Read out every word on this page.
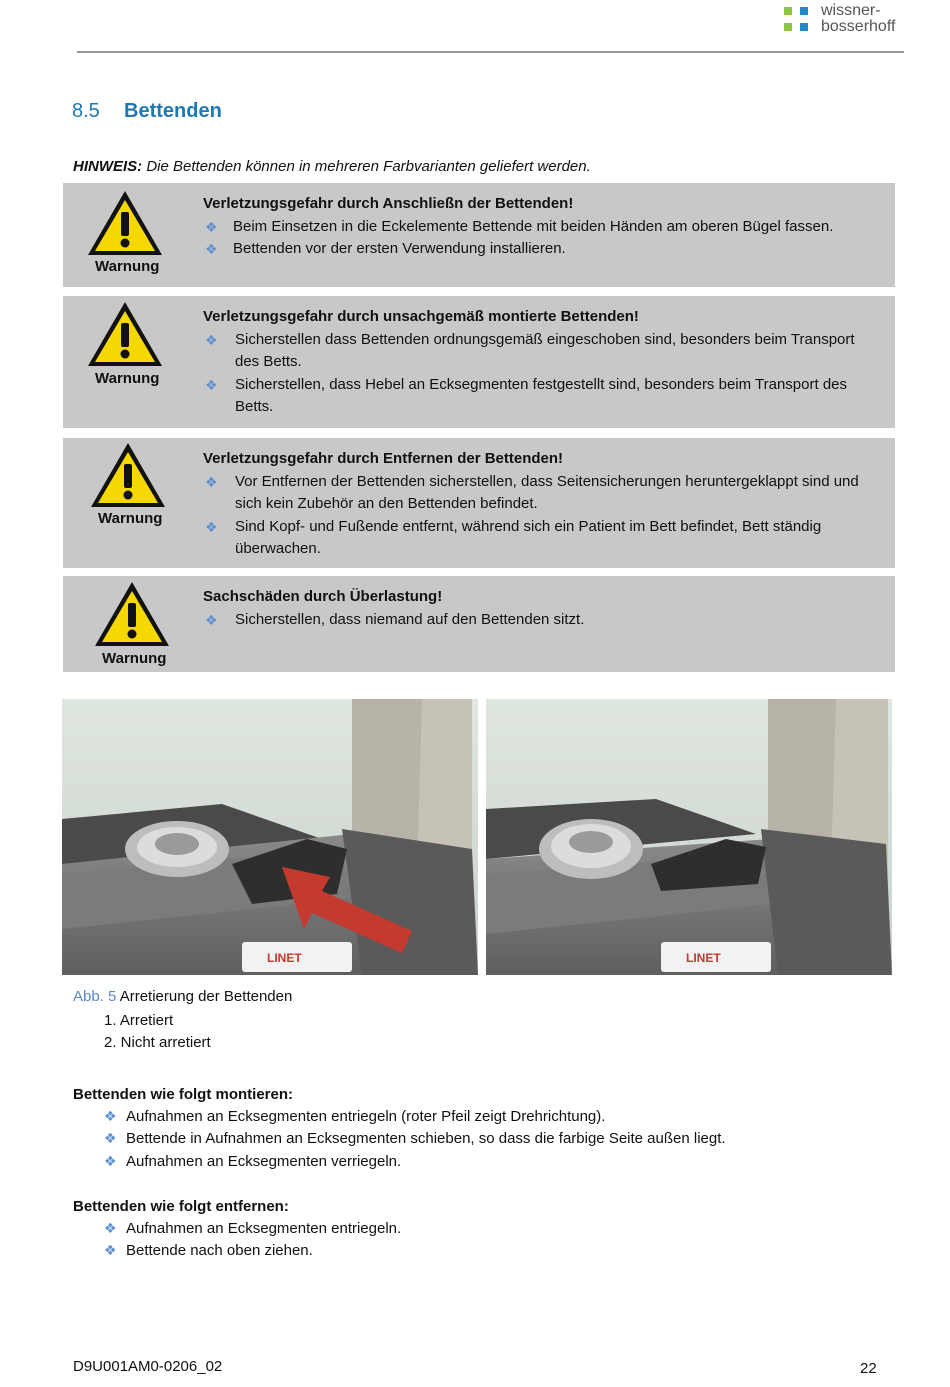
wissner-
bosserhoff
8.5 Bettenden
HINWEIS: Die Bettenden können in mehreren Farbvarianten geliefert werden.
Warnung
Verletzungsgefahr durch Anschließn der Bettenden!
❖ Beim Einsetzen in die Eckelemente Bettende mit beiden Händen am oberen Bügel fassen.
❖ Bettenden vor der ersten Verwendung installieren.
Warnung
Verletzungsgefahr durch unsachgemäß montierte Bettenden!
❖ Sicherstellen dass Bettenden ordnungsgemäß eingeschoben sind, besonders beim Transport des Betts.
❖ Sicherstellen, dass Hebel an Ecksegmenten festgestellt sind, besonders beim Transport des Betts.
Warnung
Verletzungsgefahr durch Entfernen der Bettenden!
❖ Vor Entfernen der Bettenden sicherstellen, dass Seitensicherungen heruntergeklappt sind und sich kein Zubehör an den Bettenden befindet.
❖ Sind Kopf- und Fußende entfernt, während sich ein Patient im Bett befindet, Bett ständig überwachen.
Warnung
Sachschäden durch Überlastung!
❖ Sicherstellen, dass niemand auf den Bettenden sitzt.
LINET	LINET
Abb. 5 Arretierung der Bettenden
1. Arretiert
2. Nicht arretiert
Bettenden wie folgt montieren:
❖ Aufnahmen an Ecksegmenten entriegeln (roter Pfeil zeigt Drehrichtung).
❖ Bettende in Aufnahmen an Ecksegmenten schieben, so dass die farbige Seite außen liegt.
❖ Aufnahmen an Ecksegmenten verriegeln.
Bettenden wie folgt entfernen:
❖ Aufnahmen an Ecksegmenten entriegeln.
❖ Bettende nach oben ziehen.
D9U001AM0-0206_02	22
